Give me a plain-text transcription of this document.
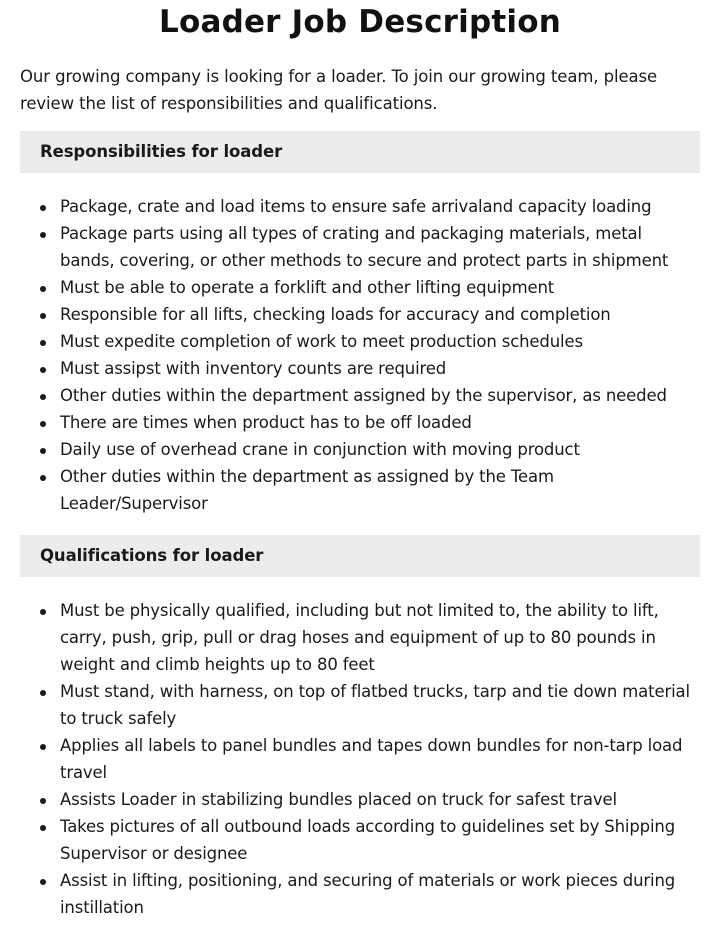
Loader Job Description

Our growing company is looking for a loader. To join our growing team, please review the list of responsibilities and qualifications.

Responsibilities for loader
Package, crate and load items to ensure safe arrivaland capacity loading
Package parts using all types of crating and packaging materials, metal bands, covering, or other methods to secure and protect parts in shipment
Must be able to operate a forklift and other lifting equipment
Responsible for all lifts, checking loads for accuracy and completion
Must expedite completion of work to meet production schedules
Must assipst with inventory counts are required
Other duties within the department assigned by the supervisor, as needed
There are times when product has to be off loaded
Daily use of overhead crane in conjunction with moving product
Other duties within the department as assigned by the Team Leader/Supervisor
Qualifications for loader
Must be physically qualified, including but not limited to, the ability to lift, carry, push, grip, pull or drag hoses and equipment of up to 80 pounds in weight and climb heights up to 80 feet
Must stand, with harness, on top of flatbed trucks, tarp and tie down material to truck safely
Applies all labels to panel bundles and tapes down bundles for non-tarp load travel
Assists Loader in stabilizing bundles placed on truck for safest travel
Takes pictures of all outbound loads according to guidelines set by Shipping Supervisor or designee
Assist in lifting, positioning, and securing of materials or work pieces during instillation
